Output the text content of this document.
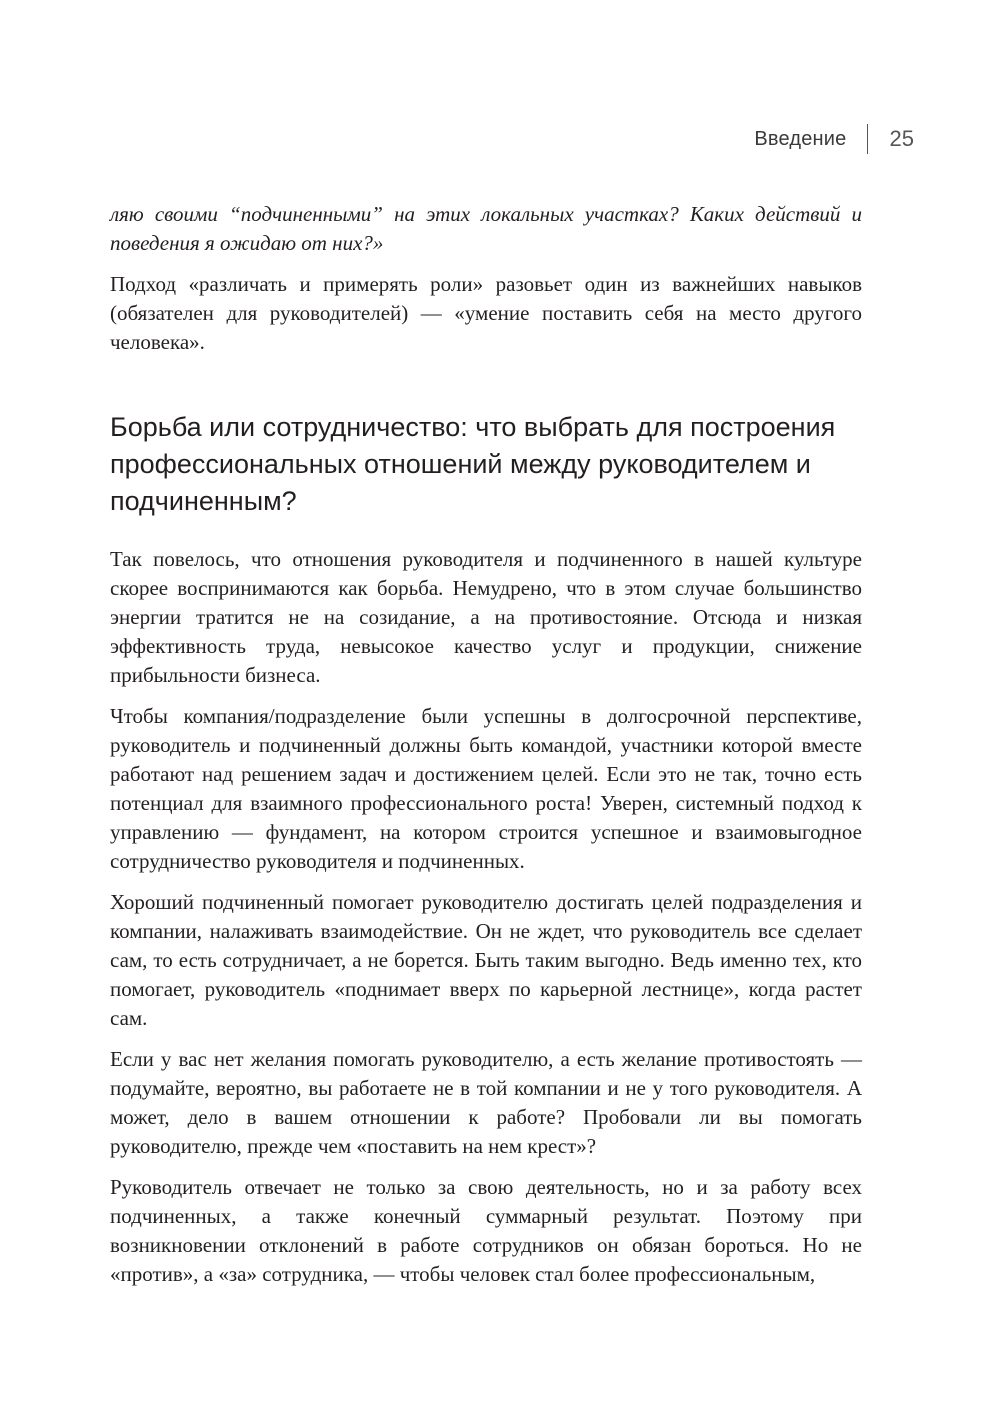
Введение 25

ляю своими “подчиненными” на этих локальных участках? Каких действий и поведения я ожидаю от них?»

Подход «различать и примерять роли» разовьет один из важнейших навыков (обязателен для руководителей) — «умение поставить себя на место другого человека».

Борьба или сотрудничество: что выбрать для построения профессиональных отношений между руководителем и подчиненным?

Так повелось, что отношения руководителя и подчиненного в нашей культуре скорее воспринимаются как борьба. Немудрено, что в этом случае большинство энергии тратится не на созидание, а на противостояние. Отсюда и низкая эффективность труда, невысокое качество услуг и продукции, снижение прибыльности бизнеса.

Чтобы компания/подразделение были успешны в долгосрочной перспективе, руководитель и подчиненный должны быть командой, участники которой вместе работают над решением задач и достижением целей. Если это не так, точно есть потенциал для взаимного профессионального роста! Уверен, системный подход к управлению — фундамент, на котором строится успешное и взаимовыгодное сотрудничество руководителя и подчиненных.

Хороший подчиненный помогает руководителю достигать целей подразделения и компании, налаживать взаимодействие. Он не ждет, что руководитель все сделает сам, то есть сотрудничает, а не борется. Быть таким выгодно. Ведь именно тех, кто помогает, руководитель «поднимает вверх по карьерной лестнице», когда растет сам.

Если у вас нет желания помогать руководителю, а есть желание противостоять — подумайте, вероятно, вы работаете не в той компании и не у того руководителя. А может, дело в вашем отношении к работе? Пробовали ли вы помогать руководителю, прежде чем «поставить на нем крест»?

Руководитель отвечает не только за свою деятельность, но и за работу всех подчиненных, а также конечный суммарный результат. Поэтому при возникновении отклонений в работе сотрудников он обязан бороться. Но не «против», а «за» сотрудника, — чтобы человек стал более профессиональным,
